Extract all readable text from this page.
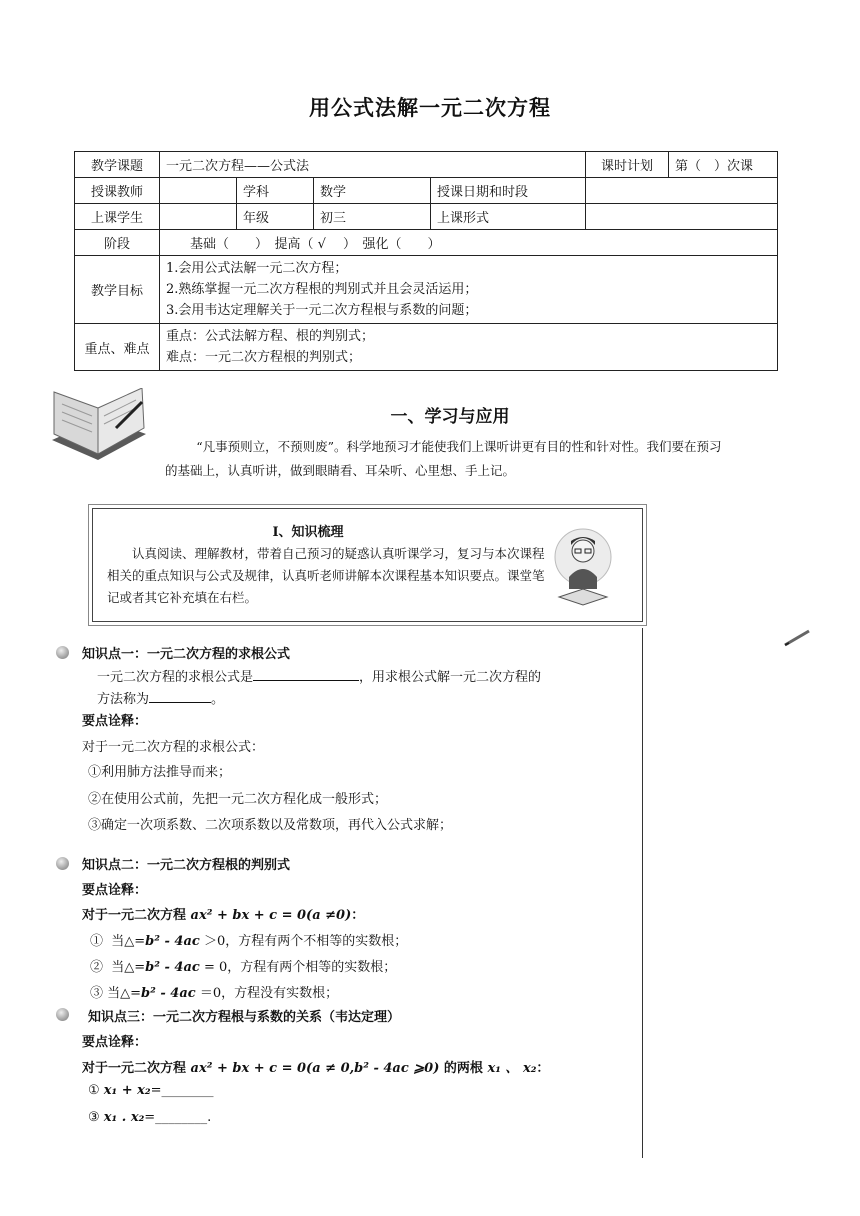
用公式法解一元二次方程
教学课题	一元二次方程——公式法				课时计划	第（　）次课
授课教师		学科	数学	授课日期和时段		
上课学生		年级	初三	上课形式		
阶段	基础（　　）　提高（ √　 ）　强化（　　）					
教学目标	1.会用公式法解一元二次方程；

2.熟练掌握一元二次方程根的判别式并且会灵活运用；

3.会用韦达定理解关于一元二次方程根与系数的问题；					

重点、难点	重点：公式法解方程、根的判别式；

难点：一元二次方程根的判别式；					

一、学习与应用
“凡事预则立，不预则废”。科学地预习才能使我们上课听讲更有目的性和针对性。我们要在预习的基础上，认真听讲，做到眼睛看、耳朵听、心里想、手上记。
Ⅰ、知识梳理
认真阅读、理解教材，带着自己预习的疑惑认真听课学习，复习与本次课程相关的重点知识与公式及规律，认真听老师讲解本次课程基本知识要点。课堂笔记或者其它补充填在右栏。
知识点一：一元二次方程的求根公式
一元二次方程的求根公式是	，用求根公式解一元二次方程的
方法称为	。
要点诠释：
对于一元二次方程的求根公式：
①利用肺方法推导而来；
②在使用公式前，先把一元二次方程化成一般形式；
③确定一次项系数、二次项系数以及常数项，再代入公式求解；
知识点二：一元二次方程根的判别式
要点诠释：
对于一元二次方程 ax² + bx + c = 0(a ≠0)：
① 当△=b² - 4ac ＞0，方程有两个不相等的实数根；
② 当△=b² - 4ac = 0，方程有两个相等的实数根；
③ 当△=b² - 4ac ＝0，方程没有实数根；
知识点三：一元二次方程根与系数的关系（韦达定理）
要点诠释：
对于一元二次方程 ax² + bx + c = 0(a ≠ 0,b² - 4ac ⩾0) 的两根 x₁ 、 x₂：
① x₁ + x₂=________
③ x₁ . x₂=________.
